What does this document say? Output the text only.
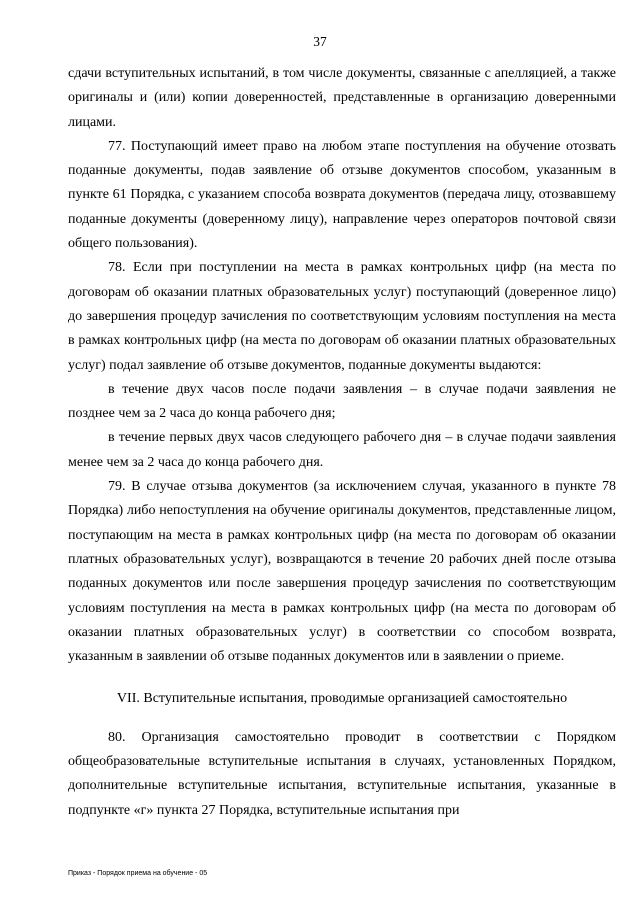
37

сдачи вступительных испытаний, в том числе документы, связанные с апелляцией, а также оригиналы и (или) копии доверенностей, представленные в организацию доверенными лицами.

77. Поступающий имеет право на любом этапе поступления на обучение отозвать поданные документы, подав заявление об отзыве документов способом, указанным в пункте 61 Порядка, с указанием способа возврата документов (передача лицу, отозвавшему поданные документы (доверенному лицу), направление через операторов почтовой связи общего пользования).

78. Если при поступлении на места в рамках контрольных цифр (на места по договорам об оказании платных образовательных услуг) поступающий (доверенное лицо) до завершения процедур зачисления по соответствующим условиям поступления на места в рамках контрольных цифр (на места по договорам об оказании платных образовательных услуг) подал заявление об отзыве документов, поданные документы выдаются:

в течение двух часов после подачи заявления – в случае подачи заявления не позднее чем за 2 часа до конца рабочего дня;

в течение первых двух часов следующего рабочего дня – в случае подачи заявления менее чем за 2 часа до конца рабочего дня.

79. В случае отзыва документов (за исключением случая, указанного в пункте 78 Порядка) либо непоступления на обучение оригиналы документов, представленные лицом, поступающим на места в рамках контрольных цифр (на места по договорам об оказании платных образовательных услуг), возвращаются в течение 20 рабочих дней после отзыва поданных документов или после завершения процедур зачисления по соответствующим условиям поступления на места в рамках контрольных цифр (на места по договорам об оказании платных образовательных услуг) в соответствии со способом возврата, указанным в заявлении об отзыве поданных документов или в заявлении о приеме.

VII. Вступительные испытания, проводимые организацией самостоятельно

80. Организация самостоятельно проводит в соответствии с Порядком общеобразовательные вступительные испытания в случаях, установленных Порядком, дополнительные вступительные испытания, вступительные испытания, указанные в подпункте «г» пункта 27 Порядка, вступительные испытания при

Приказ - Порядок приема на обучение - 05
